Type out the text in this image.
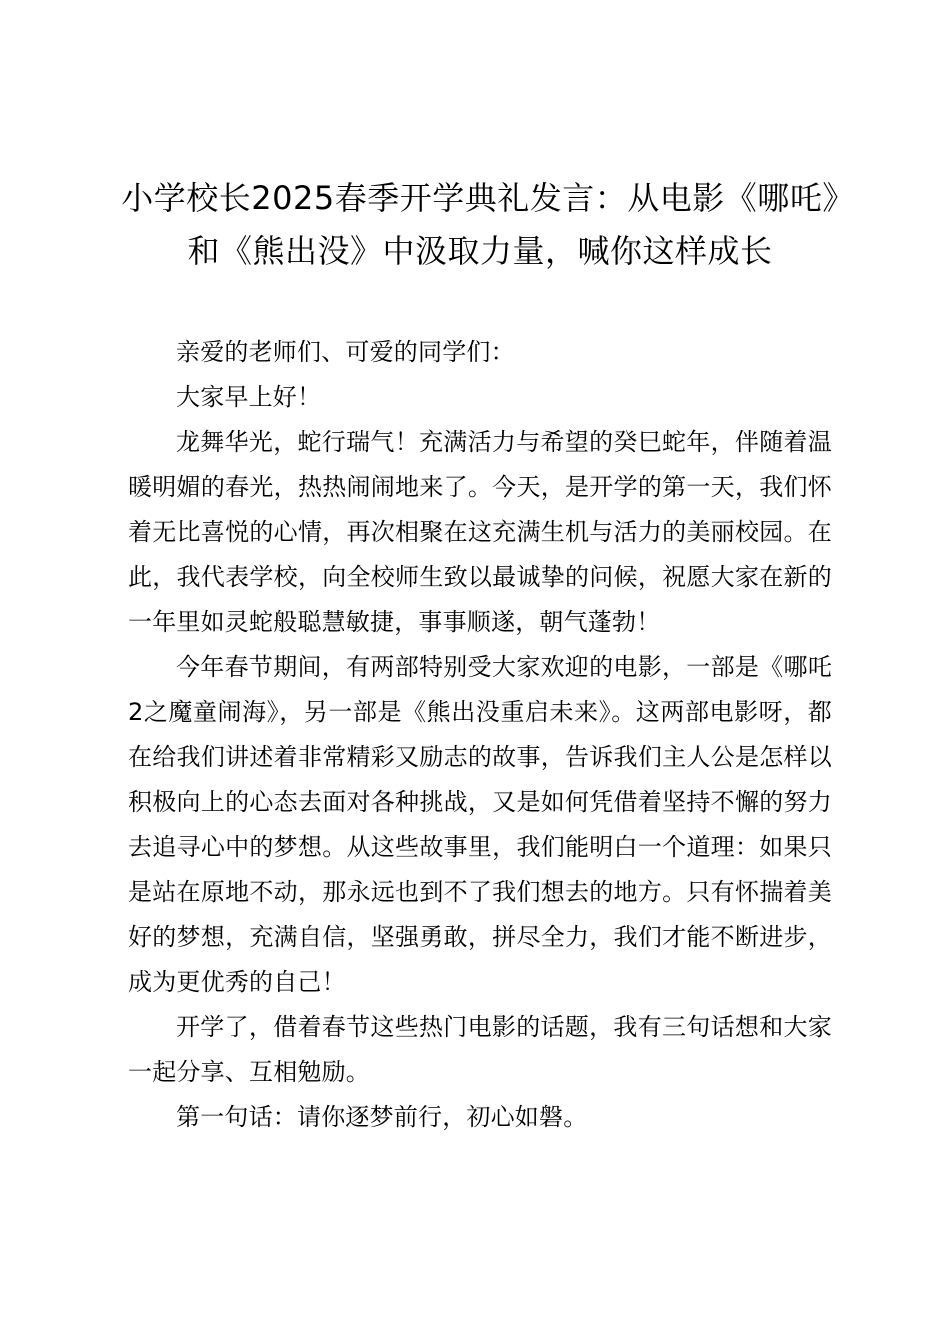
小学校长2025春季开学典礼发言：从电影《哪吒》和《熊出没》中汲取力量，喊你这样成长

亲爱的老师们、可爱的同学们：

大家早上好！

龙舞华光，蛇行瑞气！充满活力与希望的癸巳蛇年，伴随着温暖明媚的春光，热热闹闹地来了。今天，是开学的第一天，我们怀着无比喜悦的心情，再次相聚在这充满生机与活力的美丽校园。在此，我代表学校，向全校师生致以最诚挚的问候，祝愿大家在新的一年里如灵蛇般聪慧敏捷，事事顺遂，朝气蓬勃！

今年春节期间，有两部特别受大家欢迎的电影，一部是《哪吒2之魔童闹海》，另一部是《熊出没重启未来》。这两部电影呀，都在给我们讲述着非常精彩又励志的故事，告诉我们主人公是怎样以积极向上的心态去面对各种挑战，又是如何凭借着坚持不懈的努力去追寻心中的梦想。从这些故事里，我们能明白一个道理：如果只是站在原地不动，那永远也到不了我们想去的地方。只有怀揣着美好的梦想，充满自信，坚强勇敢，拼尽全力，我们才能不断进步，成为更优秀的自己！

开学了，借着春节这些热门电影的话题，我有三句话想和大家一起分享、互相勉励。

第一句话：请你逐梦前行，初心如磐。
